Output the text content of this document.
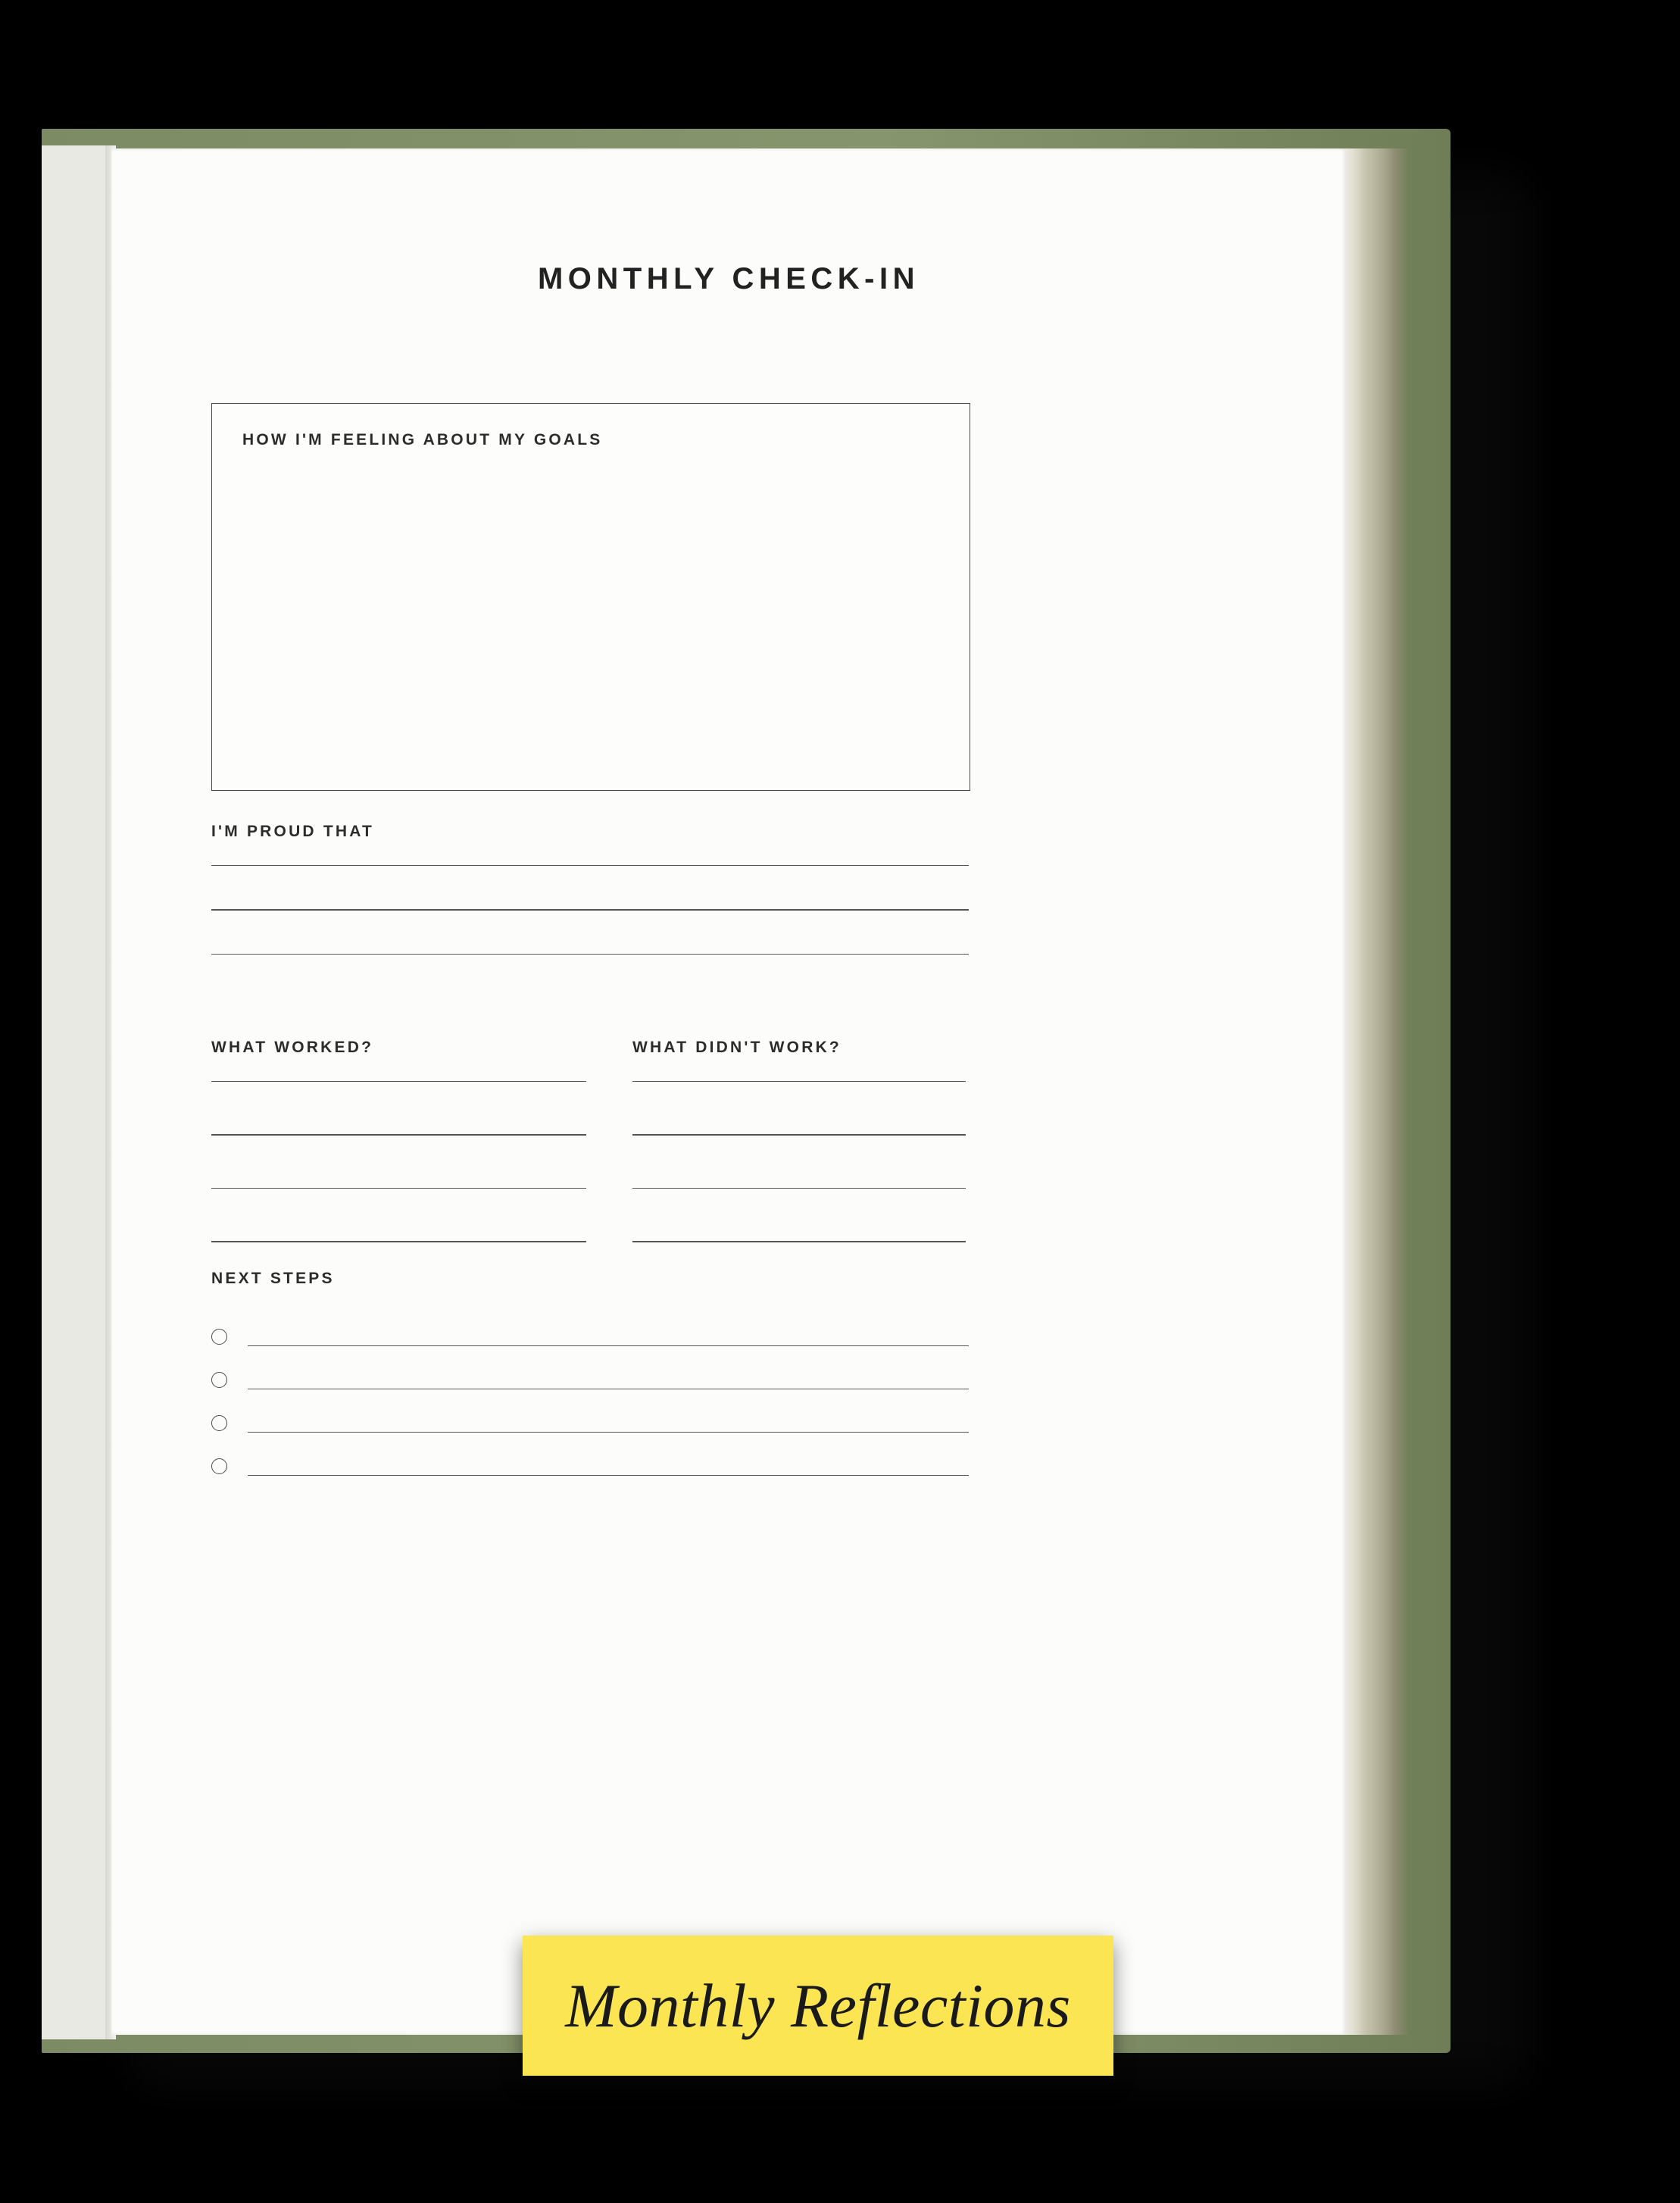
MONTHLY CHECK-IN
HOW I'M FEELING ABOUT MY GOALS
I'M PROUD THAT
WHAT WORKED?	WHAT DIDN'T WORK?
NEXT STEPS
Monthly Reflections
